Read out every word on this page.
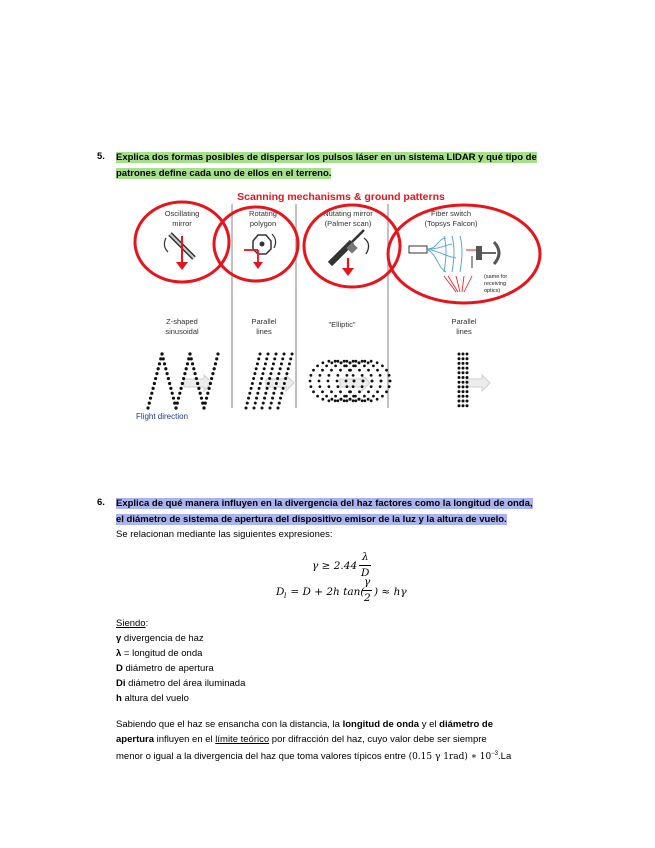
5. Explica dos formas posibles de dispersar los pulsos láser en un sistema LIDAR y qué tipo de
patrones define cada uno de ellos en el terreno.
Scanning mechanisms & ground patterns
Oscillating
mirror
Rotating
polygon
Nutating mirror
(Palmer scan)
Fiber switch
(Topsys Falcon)
(same for
receiving
optics)
Z-shaped
sinusoidal
Parallel
lines
"Elliptic"	Parallel
lines
Flight direction
6. Explica de qué manera influyen en la divergencia del haz factores como la longitud de onda,
el diámetro de sistema de apertura del dispositivo emisor de la luz y la altura de vuelo.
Se relacionan mediante las siguientes expresiones:
γ ≥ 2.44
λ
D
D l = D + 2h tan(
γ
2 ) ≈ hγ
Siendo:
γ divergencia de haz
λ = longitud de onda
D diámetro de apertura
Di diámetro del área iluminada
h altura del vuelo
Sabiendo que el haz se ensancha con la distancia, la longitud de onda y el diámetro de
apertura influyen en el límite teórico por difracción del haz, cuyo valor debe ser siempre
menor o igual a la divergencia del haz que toma valores típicos entre (0.15 γ 1rad) ∗ $10^{-3}.La$
